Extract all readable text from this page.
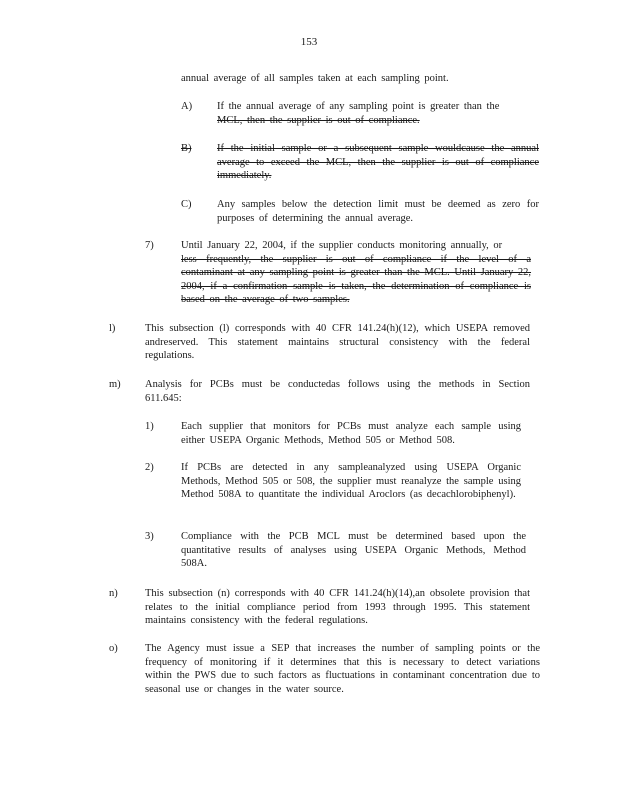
153

annual average of all samples taken at each sampling point.

A) If the annual average of any sampling point is greater than the

MCL, then the supplier is out of compliance.

B) If the initial sample or a subsequent sample wouldcause the annual average to exceed the MCL, then the supplier is out of compliance immediately.

C) Any samples below the detection limit must be deemed as zero for purposes of determining the annual average.

7)	Until January 22, 2004, if the supplier conducts monitoring annually, or

less frequently, the supplier is out of compliance if the level of a contaminant at any sampling point is greater than the MCL. Until January 22, 2004, if a confirmation sample is taken, the determination of compliance is based on the average of two samples.

l)	This subsection (l) corresponds with 40 CFR 141.24(h)(12), which USEPA removed andreserved. This statement maintains structural consistency with the federal regulations.

m) Analysis for PCBs must be conductedas follows using the methods in Section 611.645:

1)	Each supplier that monitors for PCBs must analyze each sample using either USEPA Organic Methods, Method 505 or Method 508.

2)	If PCBs are detected in any sampleanalyzed using USEPA Organic Methods, Method 505 or 508, the supplier must reanalyze the sample using Method 508A to quantitate the individual Aroclors (as decachlorobiphenyl).

3)	Compliance with the PCB MCL must be determined based upon the quantitative results of analyses using USEPA Organic Methods, Method 508A.

n)	This subsection (n) corresponds with 40 CFR 141.24(h)(14),an obsolete provision that relates to the initial compliance period from 1993 through 1995. This statement maintains consistency with the federal regulations.

o)	The Agency must issue a SEP that increases the number of sampling points or the frequency of monitoring if it determines that this is necessary to detect variations within the PWS due to such factors as fluctuations in contaminant concentration due to seasonal use or changes in the water source.
